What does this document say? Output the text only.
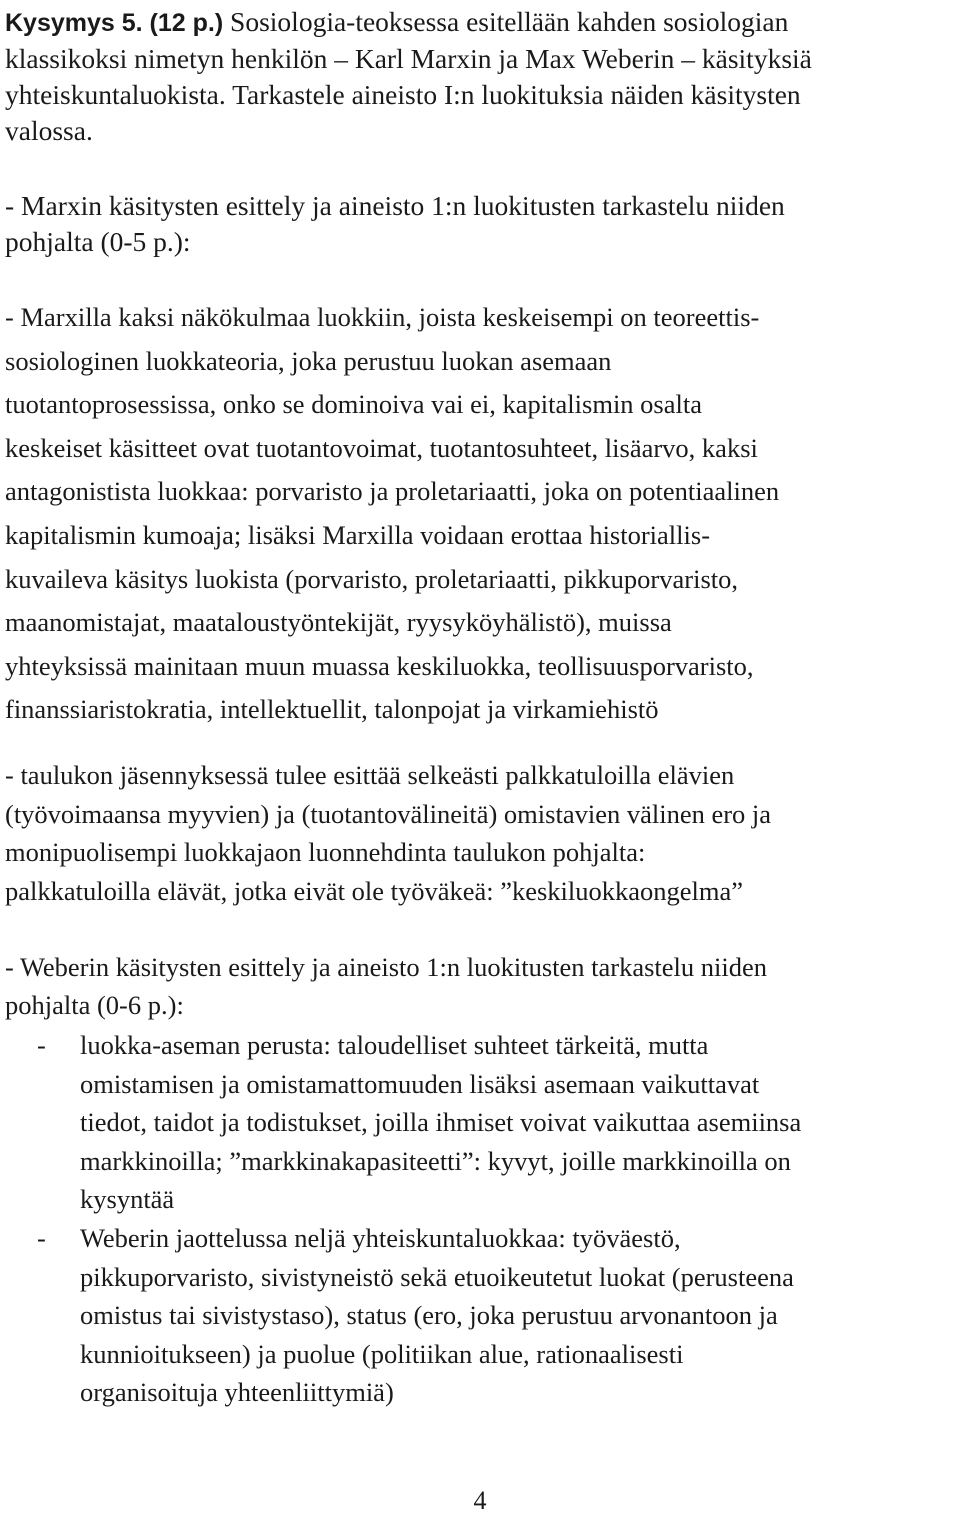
Kysymys 5. (12 p.) Sosiologia-teoksessa esitellään kahden sosiologian
klassikoksi nimetyn henkilön – Karl Marxin ja Max Weberin – käsityksiä
yhteiskuntaluokista. Tarkastele aineisto I:n luokituksia näiden käsitysten
valossa.
- Marxin käsitysten esittely ja aineisto 1:n luokitusten tarkastelu niiden
pohjalta (0-5 p.):
- Marxilla kaksi näkökulmaa luokkiin, joista keskeisempi on teoreettis-
sosiologinen luokkateoria, joka perustuu luokan asemaan
tuotantoprosessissa, onko se dominoiva vai ei, kapitalismin osalta
keskeiset käsitteet ovat tuotantovoimat, tuotantosuhteet, lisäarvo, kaksi
antagonistista luokkaa: porvaristo ja proletariaatti, joka on potentiaalinen
kapitalismin kumoaja; lisäksi Marxilla voidaan erottaa historiallis-
kuvaileva käsitys luokista (porvaristo, proletariaatti, pikkuporvaristo,
maanomistajat, maataloustyöntekijät, ryysyköyhälistö), muissa
yhteyksissä mainitaan muun muassa keskiluokka, teollisuusporvaristo,
finanssiaristokratia, intellektuellit, talonpojat ja virkamiehistö
- taulukon jäsennyksessä tulee esittää selkeästi palkkatuloilla elävien
(työvoimaansa myyvien) ja (tuotantovälineitä) omistavien välinen ero ja
monipuolisempi luokkajaon luonnehdinta taulukon pohjalta:
palkkatuloilla elävät, jotka eivät ole työväkeä: ”keskiluokkaongelma”
- Weberin käsitysten esittely ja aineisto 1:n luokitusten tarkastelu niiden
pohjalta (0-6 p.):
- luokka-aseman perusta: taloudelliset suhteet tärkeitä, mutta
omistamisen ja omistamattomuuden lisäksi asemaan vaikuttavat
tiedot, taidot ja todistukset, joilla ihmiset voivat vaikuttaa asemiinsa
markkinoilla; ”markkinakapasiteetti”: kyvyt, joille markkinoilla on
kysyntää
- Weberin jaottelussa neljä yhteiskuntaluokkaa: työväestö,
pikkuporvaristo, sivistyneistö sekä etuoikeutetut luokat (perusteena
omistus tai sivistystaso), status (ero, joka perustuu arvonantoon ja
kunnioitukseen) ja puolue (politiikan alue, rationaalisesti
organisoituja yhteenliittymiä)
4
